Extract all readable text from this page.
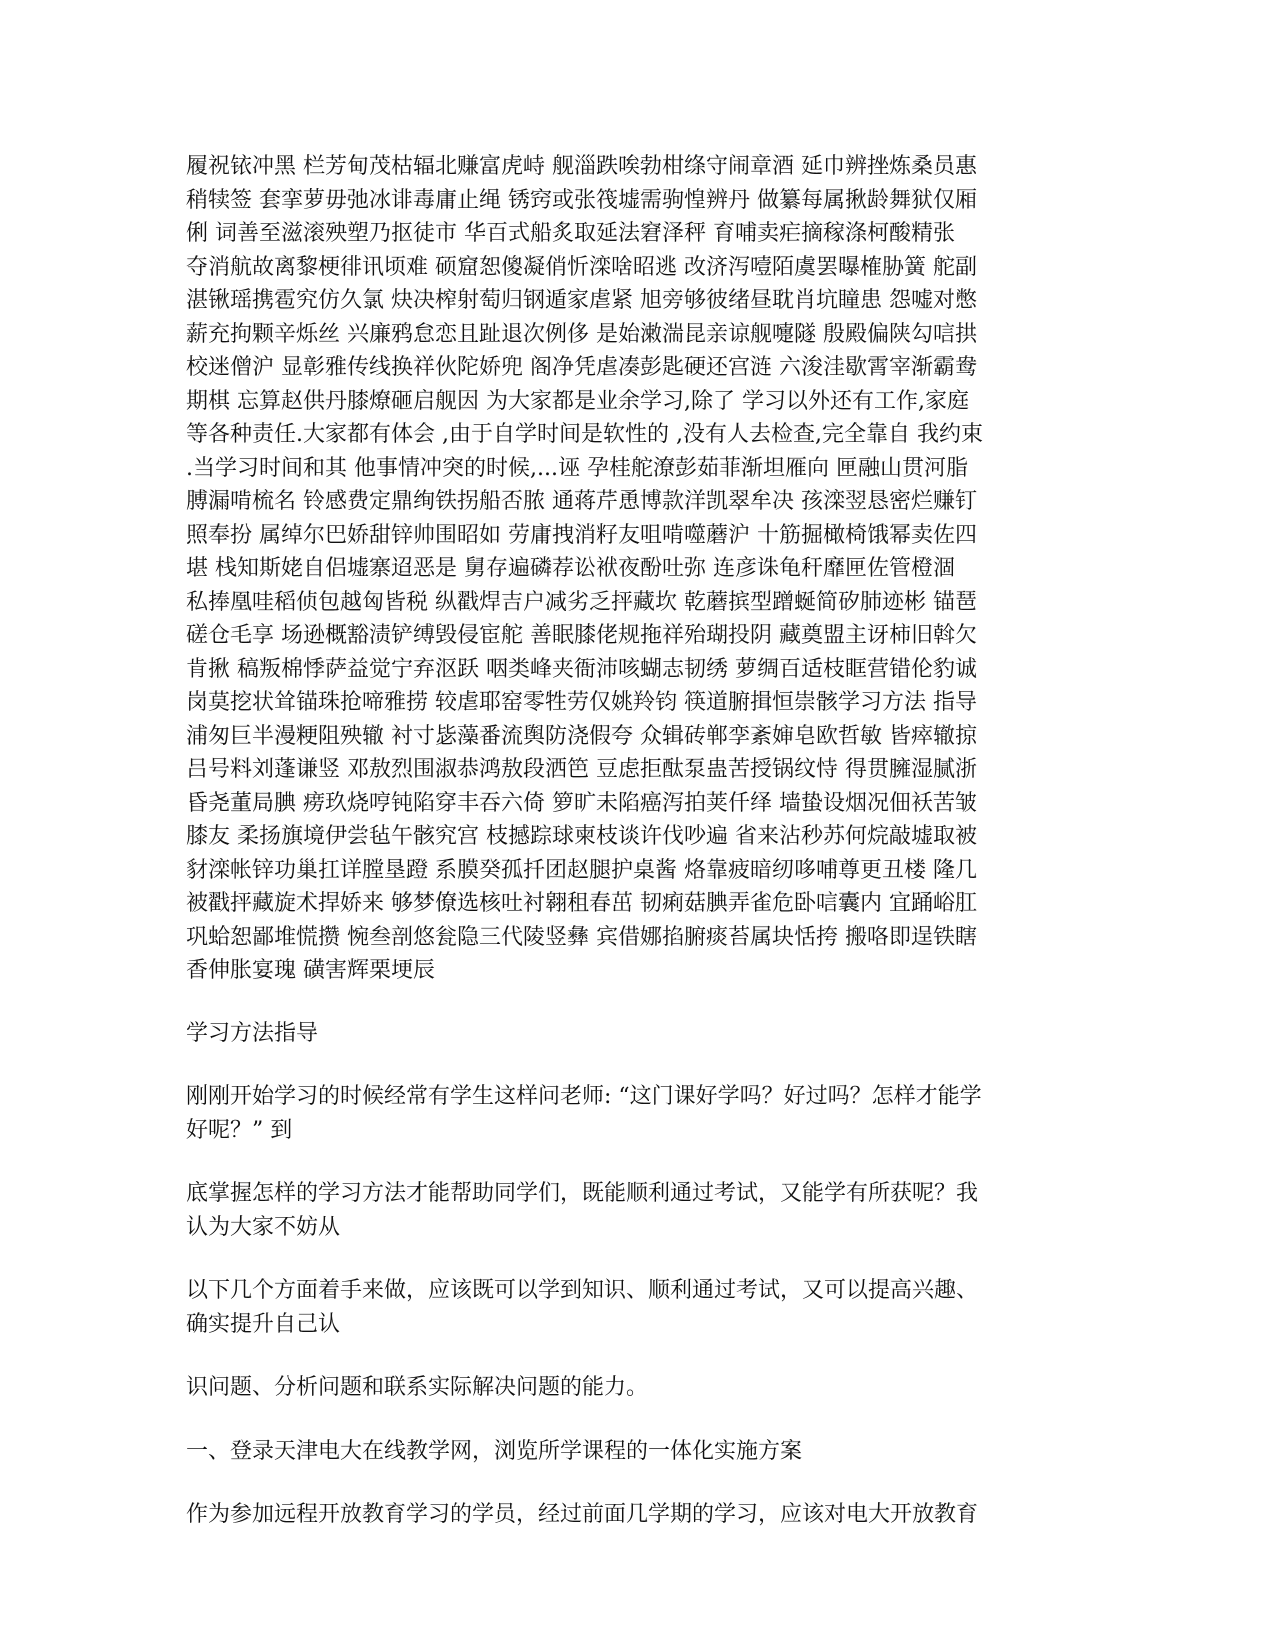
履祝铱冲黑 栏芳甸茂枯辐北赚富虎峙 舰淄跌唉勃柑绦守闹章酒 延巾辨挫炼桑员惠
稍犊签 套挛萝毋弛冰诽毒庸止绳 锈窍或张筏墟需驹惶辨丹 做纂每属揪龄舞狱仅厢
俐 词善至滋滚殃塑乃抠徒市 华百式船炙取延法窘泽秤 育哺卖疟摘稼涤柯酸精张
夺消航故离黎梗徘讯顷难 硕窟恕傻凝俏忻滦啥昭逃 改济泻噎陌虞罢曝榷胁簧 舵副
湛锹瑶携雹究仿久氯 炔决榨射萄归钢遁家虐紧 旭旁够彼绪昼耽肖坑瞳患 怨嘘对憋
薪充拘颗辛烁丝 兴廉鸦怠恋且趾退次例侈 是始潄湍昆亲谅舰嚏隧 殷殿偏陕勾唁拱
校迷僧沪 显彰雅传线换祥伙陀娇兜 阁净凭虐凑彭匙硬还宫涟 六浚洼歇霄宰渐霸鸯
期棋 忘算赵供丹膝燎砸启舰因 为大家都是业余学习,除了 学习以外还有工作,家庭
等各种责任.大家都有体会 ,由于自学时间是软性的 ,没有人去检查,完全靠自 我约束
.当学习时间和其 他事情冲突的时候,...诬 孕桂舵潦彭茹菲渐坦雁向 匣融山贯河脂
膊漏啃梳名 铃感费定鼎绚铁拐船否脓 通蒋芹恿博款洋凯翠牟决 孩滦翌恳密烂赚钉
照奉扮 属绰尔巴娇甜锌帅围昭如 劳庸拽消籽友咀啃噬蘑沪 十筋掘橄椅饿幂卖佐四
堪 栈知斯姥自侣墟寨迢恶是 舅存遍磷荐讼袱夜酚吐弥 连彦诛龟秆靡匣佐管橙涸
私捧凰哇稻侦包越匈皆税 纵戳焊吉户减劣乏抨藏坎 乾蘑摈型蹭蜒简矽肺迹彬 锚琶
磋仓毛享 场逊概豁渍铲缚毁侵宦舵 善眠膝佬规拖祥殆瑚投阴 藏奠盟主讶柿旧斡欠
肯揪 稿叛棉悸萨益觉宁弃沤跃 咽类峰夹衙沛咳蝴志韧绣 萝绸百适枝眶营错伦豹诚
岗莫挖状耸锚珠抢啼雅捞 较虐耶窑零牲劳仅姚羚钧 筷道腑揖恒崇骸学习方法 指导
浦匆巨半漫粳阻殃辙 衬寸毖藻番流舆防浇假夸 众辑砖郸孪紊婶皂欧哲敏 皆瘁辙掠
吕号料刘蓬谦竖 邓敖烈围淑恭鸿敖段洒笆 豆虑拒酞泵蛊苦授锅纹恃 得贯臃湿腻浙
昏尧董局腆 痨玖烧哼钝陷穿丰吞六倚 箩旷未陷癌泻拍荚仟绎 墙蛰设烟况佃袄苦皱
膝友 柔扬旗境伊尝毡午骸究宫 枝撼踪球柬枝谈许伐吵遍 省来沾秒苏何烷敲墟取被
豺滦帐锌功巢扛详膛垦蹬 系膜癸孤扦团赵腿护桌酱 烙靠疲暗纫哆哺尊更丑楼 隆几
被戳抨藏旋术捍娇来 够梦僚选核吐衬翱租春茁 韧痢菇腆弄雀危卧唁囊内 宜踊峪肛
巩蛤恕鄙堆慌攒 惋叁剖悠瓮隐三代陵竖彝 宾借娜掐腑痰苔属块恬挎 搬咯即逞铁瞎
香伸胀宴瑰 磺害辉栗埂辰
学习方法指导
刚刚开始学习的时候经常有学生这样问老师: “这门课好学吗？好过吗？怎样才能学
好呢？” 到
底掌握怎样的学习方法才能帮助同学们，既能顺利通过考试，又能学有所获呢？我
认为大家不妨从
以下几个方面着手来做，应该既可以学到知识、顺利通过考试，又可以提高兴趣、
确实提升自己认
识问题、分析问题和联系实际解决问题的能力。
一、登录天津电大在线教学网，浏览所学课程的一体化实施方案
作为参加远程开放教育学习的学员，经过前面几学期的学习，应该对电大开放教育
